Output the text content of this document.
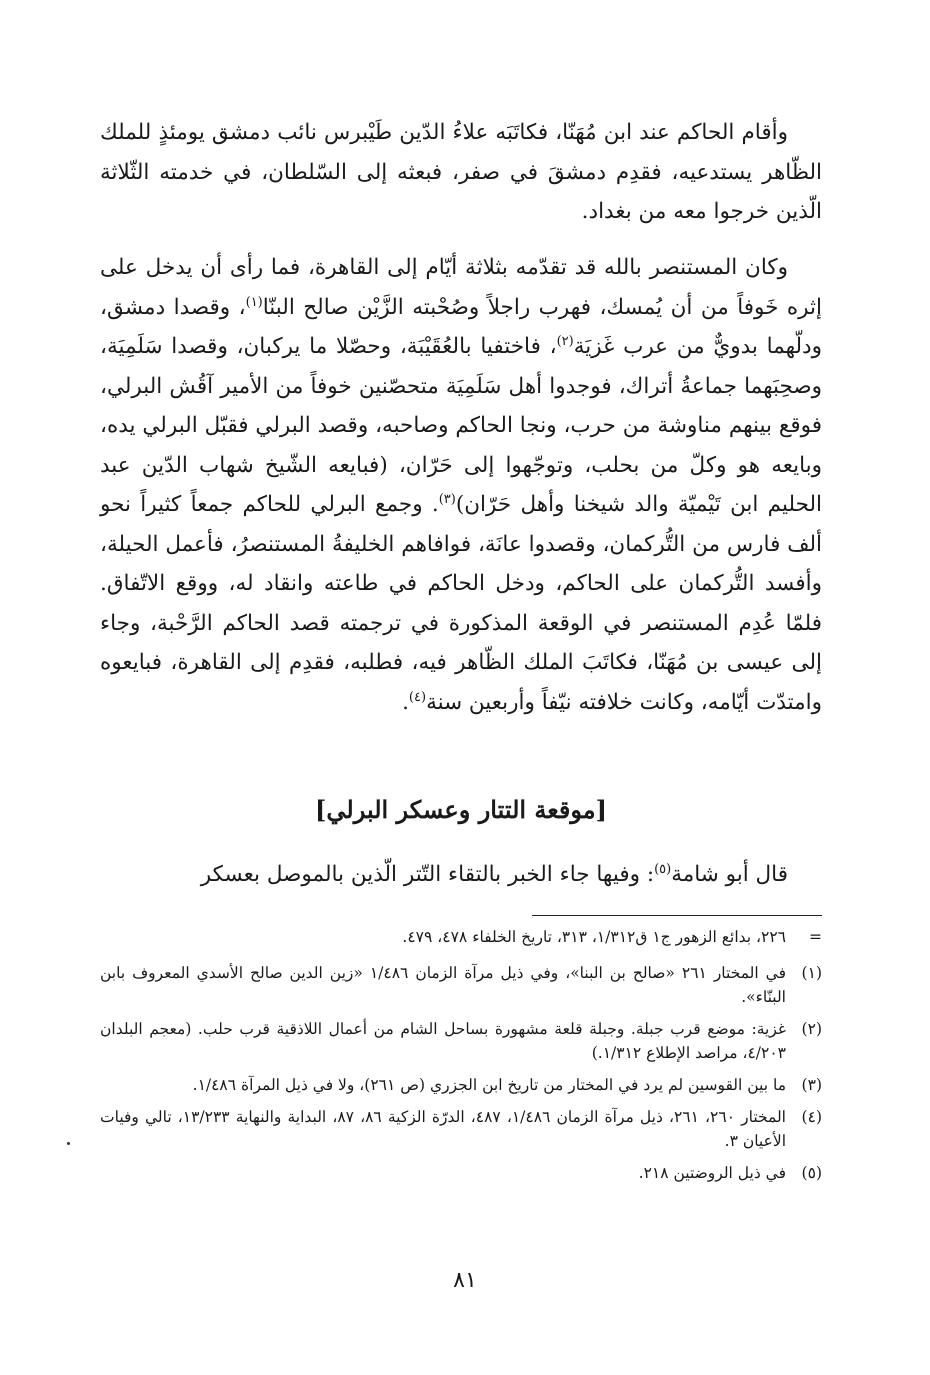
وأقام الحاكم عند ابن مُهَنّا، فكاتَبَه علاءُ الدّين طَيْبرس نائب دمشق يومئذٍ للملك الظّاهر يستدعيه، فقدِم دمشقَ في صفر، فبعثه إلى السّلطان، في خدمته الثّلاثة الّذين خرجوا معه من بغداد.

وكان المستنصر بالله قد تقدّمه بثلاثة أيّام إلى القاهرة، فما رأى أن يدخل على إثره خَوفاً من أن يُمسك، فهرب راجلاً وصُحْبته الزَّيْن صالح البنّا$^{(١)}$، وقصدا دمشق، ودلّهما بدويٌّ من عرب غَزيَة$^{(٢)}$، فاختفيا بالعُقَيْبَة، وحصّلا ما يركبان، وقصدا سَلَمِيَة، وصحِبَهما جماعةُ أتراك، فوجدوا أهل سَلَمِيَة متحصّنين خوفاً من الأمير آقُش البرلي، فوقع بينهم مناوشة من حرب، ونجا الحاكم وصاحبه، وقصد البرلي فقبّل البرلي يده، وبايعه هو وكلّ من بحلب، وتوجّهوا إلى حَرّان، (فبايعه الشّيخ شهاب الدّين عبد الحليم ابن تَيْميّة والد شيخنا وأهل حَرّان)$^{(٣)}$. وجمع البرلي للحاكم جمعاً كثيراً نحو ألف فارس من التُّركمان، وقصدوا عانَة، فوافاهم الخليفةُ المستنصرُ، فأعمل الحيلة، وأفسد التُّركمان على الحاكم، ودخل الحاكم في طاعته وانقاد له، ووقع الاتّفاق. فلمّا عُدِم المستنصر في الوقعة المذكورة في ترجمته قصد الحاكم الرَّحْبة، وجاء إلى عيسى بن مُهَنّا، فكاتَبَ الملك الظّاهر فيه، فطلبه، فقدِم إلى القاهرة، فبايعوه وامتدّت أيّامه، وكانت خلافته نيّفاً وأربعين سنة$^{(٤)}$.

[موقعة التتار وعسكر البرلي]

قال أبو شامة$^{(٥)}$: وفيها جاء الخبر بالتقاء التّتر الّذين بالموصل بعسكر

=
٢٢٦، بدائع الزهور ج١ ق١/٣١٢، ٣١٣، تاريخ الخلفاء ٤٧٨، ٤٧٩.
(١)
في المختار ٢٦١ «صالح بن البنا»، وفي ذيل مرآة الزمان ١/٤٨٦ «زين الدين صالح الأسدي المعروف بابن البنّاء».
(٢)
غزية: موضع قرب جبلة. وجبلة قلعة مشهورة بساحل الشام من أعمال اللاذقية قرب حلب. (معجم البلدان ٤/٢٠٣، مراصد الإطلاع ١/٣١٢.)
(٣)
ما بين القوسين لم يرد في المختار من تاريخ ابن الجزري (ص ٢٦١)، ولا في ذيل المرآة ١/٤٨٦.
(٤)
المختار ٢٦٠، ٢٦١، ذيل مرآة الزمان ١/٤٨٦، ٤٨٧، الدرّة الزكية ٨٦، ٨٧، البداية والنهاية ١٣/٢٣٣، تالي وفيات الأعيان ٣.
(٥)
في ذيل الروضتين ٢١٨.
٨١
